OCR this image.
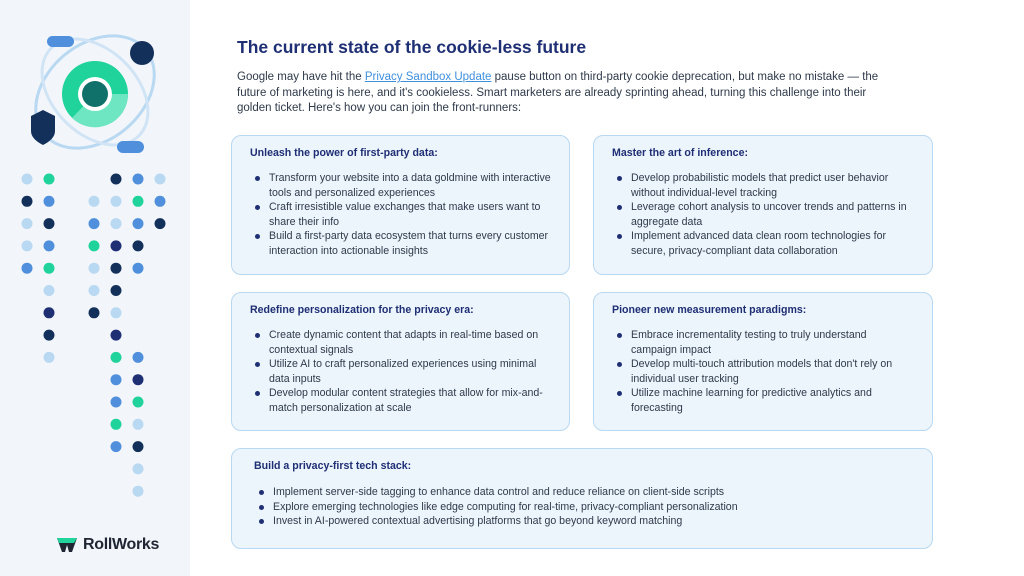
RollWorks
The current state of the cookie-less future

Google may have hit the Privacy Sandbox Update pause button on third-party cookie deprecation, but make no mistake — the future of marketing is here, and it's cookieless. Smart marketers are already sprinting ahead, turning this challenge into their golden ticket. Here's how you can join the front-runners:

Unleash the power of first-party data:
Transform your website into a data goldmine with interactive tools and personalized experiences
Craft irresistible value exchanges that make users want to share their info
Build a first-party data ecosystem that turns every customer interaction into actionable insights
Master the art of inference:
Develop probabilistic models that predict user behavior without individual-level tracking
Leverage cohort analysis to uncover trends and patterns in aggregate data
Implement advanced data clean room technologies for secure, privacy-compliant data collaboration
Redefine personalization for the privacy era:
Create dynamic content that adapts in real-time based on contextual signals
Utilize AI to craft personalized experiences using minimal data inputs
Develop modular content strategies that allow for mix-and-match personalization at scale
Pioneer new measurement paradigms:
Embrace incrementality testing to truly understand campaign impact
Develop multi-touch attribution models that don't rely on individual user tracking
Utilize machine learning for predictive analytics and forecasting
Build a privacy-first tech stack:
Implement server-side tagging to enhance data control and reduce reliance on client-side scripts
Explore emerging technologies like edge computing for real-time, privacy-compliant personalization
Invest in AI-powered contextual advertising platforms that go beyond keyword matching
